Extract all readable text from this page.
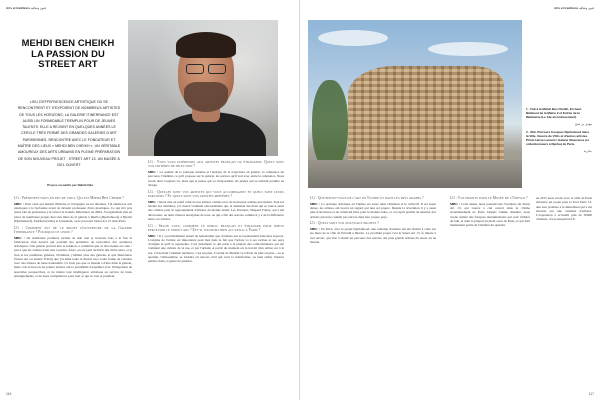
Arts et traditions فنون وتقاليد
MEHDI BEN CHEIKH
LA PASSION DU
STREET ART
LIEU D'EFFERVESCENCE ARTISTIQUE OÙ SE RENCONTRENT ET S'EXPOSENT DE NOMBREUX ARTISTES DE TOUS LES HORIZONS, LA GALERIE ITINERRANCE EST AUSSI UN FORMIDABLE TREMPLIN POUR DE JEUNES TALENTS. ELLE A REJOINT EN QUELQUES ANNÉES LE CERCLE TRÈS FERMÉ DES GRANDES GALERIES D'ART PARISIENNES. RENCONTRE AVEC LE FONDATEUR ET MAÎTRE DES LIEUX « MEHDI BEN CHEIKH », UN VÉRITABLE AMOUREUX DES ARTS URBAINS EN PLEINE PRÉPARATION DE SON NOUVEAU PROJET : STREET ART 13, UN MUSÉE À CIEL OUVERT.
Propos recueillis par Nabila Djia
LG : Présentez-nous en peu de vous, Qui est Mehdi Ben Cheikh ?

MBC : Pour ceux qui aiment l'histoire et l'étrangère ou les tâtonnes. J'ai étudié les arts plastiques à la Sorbonne avant de devenir professeur d'arts plastiques. Ce qui m'a pris assez vite de profession, j'ai ouvert la Galerie Itinerrance en 2004. J'ai également mis en place de nombreux projets hors des murs de la galerie à Djerba (Djerbahood), à Djerba (Djerbahood), Eastfield (Lille) et Jérusalem, ou le parcours Street Art 13 dans Paris.

LG : Comment est né ce projet d'ouverture de la Galerie Itinerrance ? Pourquoi ce choix ?

MBC : De nombreux premiers racines de doit tout je trouvais trois à la fois la fabrication d'un nouvel qui pourrait me permettre de rencontrer des aventures artistiques. Une galerie pouvait être la solution, à condition que ce rêve tienne au cœur : parce que les artistes n'ont rien à perdre. Alors, on est parti de Paris dès d'être alors, et je n'en ai les premières galeries. D'ailleurs, j'admire plus des galeries et que Itinerrance (Street Art ou Artiste Tribal) que j'ai aimé toute la liberté avec toute forme de création avec des artistes de toute nationalité. Ce n'est pas que ce monde a d'être dans la galerie, mais c'est le lieu où les jeunes artistes ont la possibilité d'exprimer avec l'intégration de nouvelles perspectives, et de mettre leur intelligence artistique au service de leurs enseignements, et de leurs compétences pour tout ce qui se crée et promeut.

LG : Vous vous intéressez aux artistes français ou étrangers. Quels sont vos critères de sélection ?

MBC : La qualité de la pratique urbaine et l'analyse de la trajectoire en galerie, la cohérence du parcours, l'identité, ce qu'il propose sur la galerie, les œuvres qu'il voit avec entre la cohérence. Nous avons donc toujours vu, mais que je pense qui va d'exposition, les jeunes qui se laissent prendre en charge.

LG : Quelles sont vos artistes qui vous accompagnez et quels sont leurs parcours ? Et quels sont vos artistes préférés ?

MBC : Street met en relief celui de nos artistes connus avec de nouveaux artistes qui tentent. Tout les talents des dernières, j'ai trouvé vraiment extraordinaire qui, la demande des deux qui se trouve aussi des critères pour le regroupement d'artistes du monde entier. Les Invaders, Shepard Fairey, qui a été décorateur, ou dont d'autres anonymes de tous, ou qui a fait des œuvres comme il y a de la différence entre ces artistes.

LG : Selon vous, comment le public français et étranger pour mieux percevoir le street art ? Est-il toujours bien accueilli à Paris ?

MBC : Il y a probablement autant de nationalités que d'artistes qui se représentent dans mes espaces. L'origine de l'artiste est importante pour moi dans le fait que l'artiste va à ses racines et ses pays d'origine et qu'il le représente. C'est justement ce qui parle à la plupart des collectionneurs qui ont vraiment une culture de la rue, et par l'urbain. A partir du moment où le travail d'un artiste est à la rue, s'il devient vraiment tendance, c'est un plus. L'avenir de Madrid va à Paris de plus en plus... ou le quartier, l'atmosphère, se traduira en œuvres d'art qui vont la transformer, ou bien attirer d'autres publics dans ce genre de quartier.

116
Arts et traditions فنون وتقاليد

1 - Fait à la Mehdi Ben Cheikh. En haut, Bâtiment de la Mairie 2 et Entrée de la Madeleine (Le 13e arrondissement).

مهدي بن شيخ

2 - Mur. Parcours fresques Djerbahood dans la Ville. Oeuvre de Vhils et d'autres artistes. Photo Hervé Laurent / Galerie Itinerrance (et collectionneurs à Djerba) de Paris.

جدارية

LG : Que pensez-vous de l'art en Tunisie et dans les pays arabes ?

MBC : La pratique artistique en Tunisie est assez dans l'émotion et le collectif. Il est assez dense, les artistes ont trouvé un regard qui leur est propre. Depuis la révolution il y a aussi plus d'ouverture et de créativité libre pour le monde arabe, et cet esprit permet de montrer des artistes qu'on ne connait pas encore dans leur propre pays.

LG : Quels sont vos nouveaux projets ?

MBC : En 2014, avec le projet Djerbahood, une centaine d'artistes ont été invités à créer sur les murs de la ville de Erriadh à Djerba. Le prochain projet c'est le Street Art 13, le musée à ciel ouvert, qui vise à réunir un parcours des œuvres des plus grands artistes du street art au monde.

LG : Vos projets pour le Musée de l'Unesco ?

MBC : Cette année, nous poursuivons l'aventure du Street Art 13, qui trouve à ciel ouvert dans le 13ème arrondissement de Paris. Depuis l'année dernière, nous avons réalisé des fresques monumentales qui sont visibles de loin, et dont la plupart en plein cœur de Paris, et qui font maintenant partie de l'identité du quartier.

en 2015 nous avons avec la ville de Paris entrepris un projet pour la Tour Paris 13, une tour promise à la démolition qui a été investie par une centaine d'artistes. L'exposition a accueilli plus de 30000 visiteurs, www.tourparis13.fr

117
